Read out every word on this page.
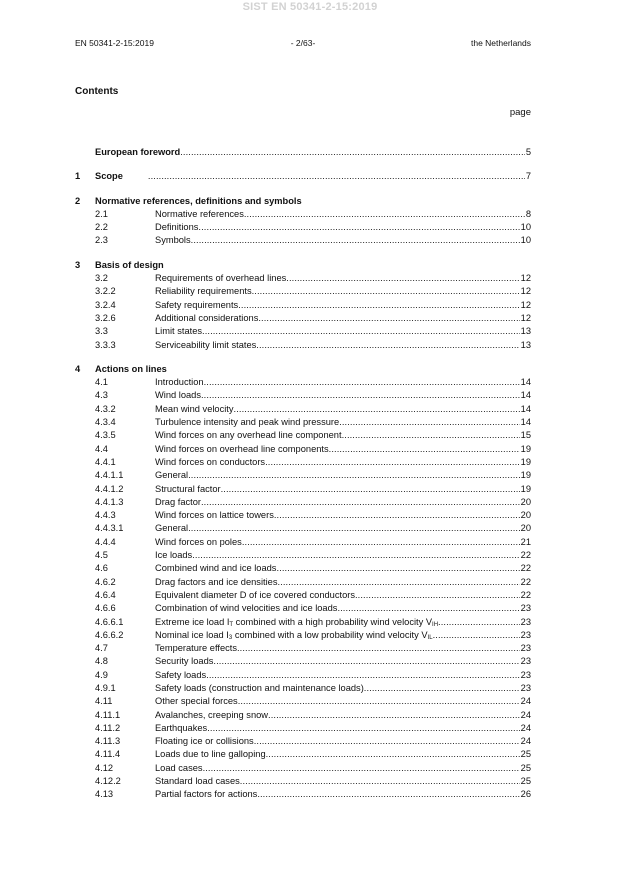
SIST EN 50341-2-15:2019
EN 50341-2-15:2019	- 2/63-	the Netherlands
Contents
page
European foreword .....	5
1	Scope .....	7
2	Normative references, definitions and symbols
2.1	Normative references .....	8
2.2	Definitions .....	10
2.3	Symbols .....	10
3	Basis of design
3.2	Requirements of overhead lines .....	12
3.2.2	Reliability requirements .....	12
3.2.4	Safety requirements .....	12
3.2.6	Additional considerations .....	12
3.3	Limit states .....	13
3.3.3	Serviceability limit states .....	13
4	Actions on lines
4.1	Introduction .....	14
4.3	Wind loads .....	14
4.3.2	Mean wind velocity .....	14
4.3.4	Turbulence intensity and peak wind pressure .....	14
4.3.5	Wind forces on any overhead line component .....	15
4.4	Wind forces on overhead line components .....	19
4.4.1	Wind forces on conductors .....	19
4.4.1.1	General .....	19
4.4.1.2	Structural factor .....	19
4.4.1.3	Drag factor .....	20
4.4.3	Wind forces on lattice towers .....	20
4.4.3.1	General .....	20
4.4.4	Wind forces on poles .....	21
4.5	Ice loads .....	22
4.6	Combined wind and ice loads .....	22
4.6.2	Drag factors and ice densities .....	22
4.6.4	Equivalent diameter D of ice covered conductors .....	22
4.6.6	Combination of wind velocities and ice loads .....	23
4.6.6.1	Extreme ice load $I_T$ combined with a high probability wind velocity $V_{IH}$ .....	23
4.6.6.2	Nominal ice load $I_3$ combined with a low probability wind velocity $V_{IL}$ .....	23
4.7	Temperature effects .....	23
4.8	Security loads .....	23
4.9	Safety loads .....	23
4.9.1	Safety loads (construction and maintenance loads) .....	23
4.11	Other special forces .....	24
4.11.1	Avalanches, creeping snow .....	24
4.11.2	Earthquakes .....	24
4.11.3	Floating ice or collisions .....	24
4.11.4	Loads due to line galloping .....	25
4.12	Load cases .....	25
4.12.2	Standard load cases .....	25
4.13	Partial factors for actions .....	26
